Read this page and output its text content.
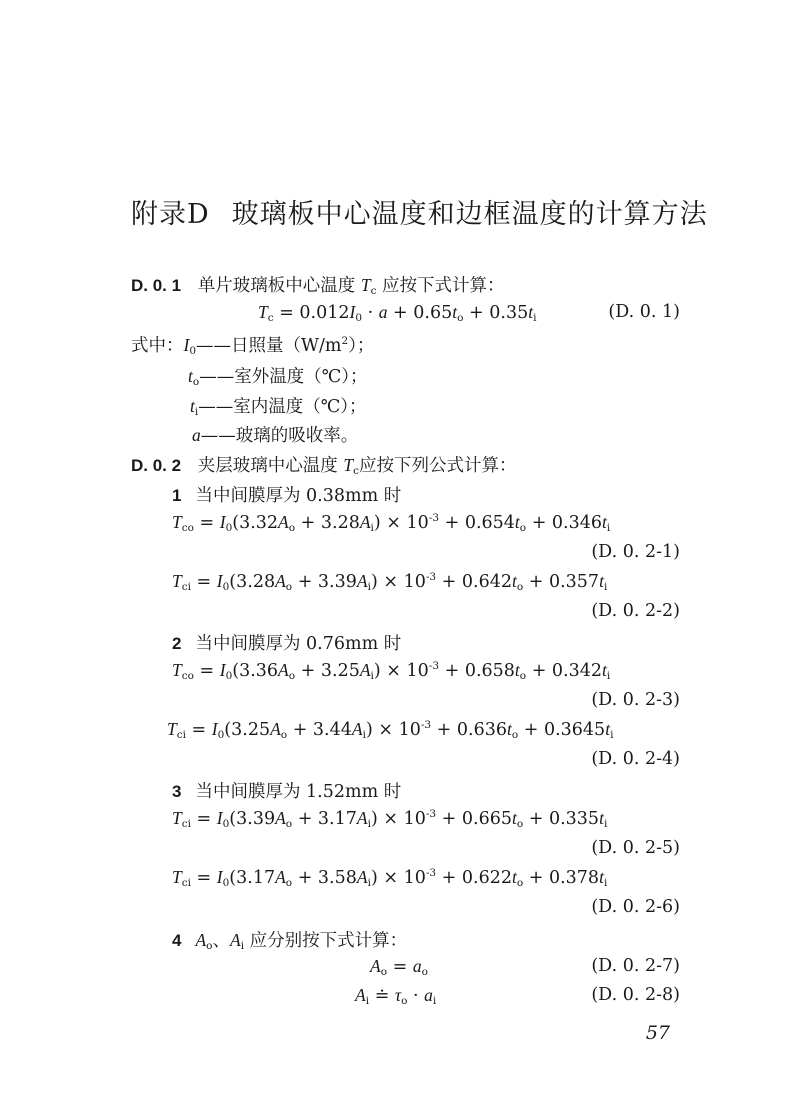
附录D 玻璃板中心温度和边框温度的计算方法
D. 0. 1 单片玻璃板中心温度 $T_c$ 应按下式计算：
$T_c = 0.012I_0 \cdot a + 0.65t_o + 0.35t_i$	(D. 0. 1)
式中：$I_0——$日照量$(W/m^2)$；
$t_o——$室外温度（℃）；
$t_i——$室内温度（℃）；
a——玻璃的吸收率。
D. 0. 2 夹层玻璃中心温度 $T_c$应按下列公式计算：
1 当中间膜厚为 0.38mm 时
$T_{co} = I_0(3.32A_o + 3.28A_i) \times 10^{-3} + 0.654t_o + 0.346t_i$
(D. 0. 2-1)
$T_{ci} = I_0(3.28A_o + 3.39A_i) \times 10^{-3} + 0.642t_o + 0.357t_i$
(D. 0. 2-2)
2 当中间膜厚为 0.76mm 时
$T_{co} = I_0(3.36A_o + 3.25A_i) \times 10^{-3} + 0.658t_o + 0.342t_i$
(D. 0. 2-3)
$T_{ci} = I_0(3.25A_o + 3.44A_i) \times 10^{-3} + 0.636t_o + 0.3645t_i$
(D. 0. 2-4)
3 当中间膜厚为 1.52mm 时
$T_{ci} = I_0(3.39A_o + 3.17A_i) \times 10^{-3} + 0.665t_o + 0.335t_i$
(D. 0. 2-5)
$T_{ci} = I_0(3.17A_o + 3.58A_i) \times 10^{-3} + 0.622t_o + 0.378t_i$
(D. 0. 2-6)
4 $A_o$、$A_i$ 应分别按下式计算：
$A_o = a_o$	(D. 0. 2-7)
$A_i$ ≐ $\tau_o \cdot a_i$	(D. 0. 2-8)
57
